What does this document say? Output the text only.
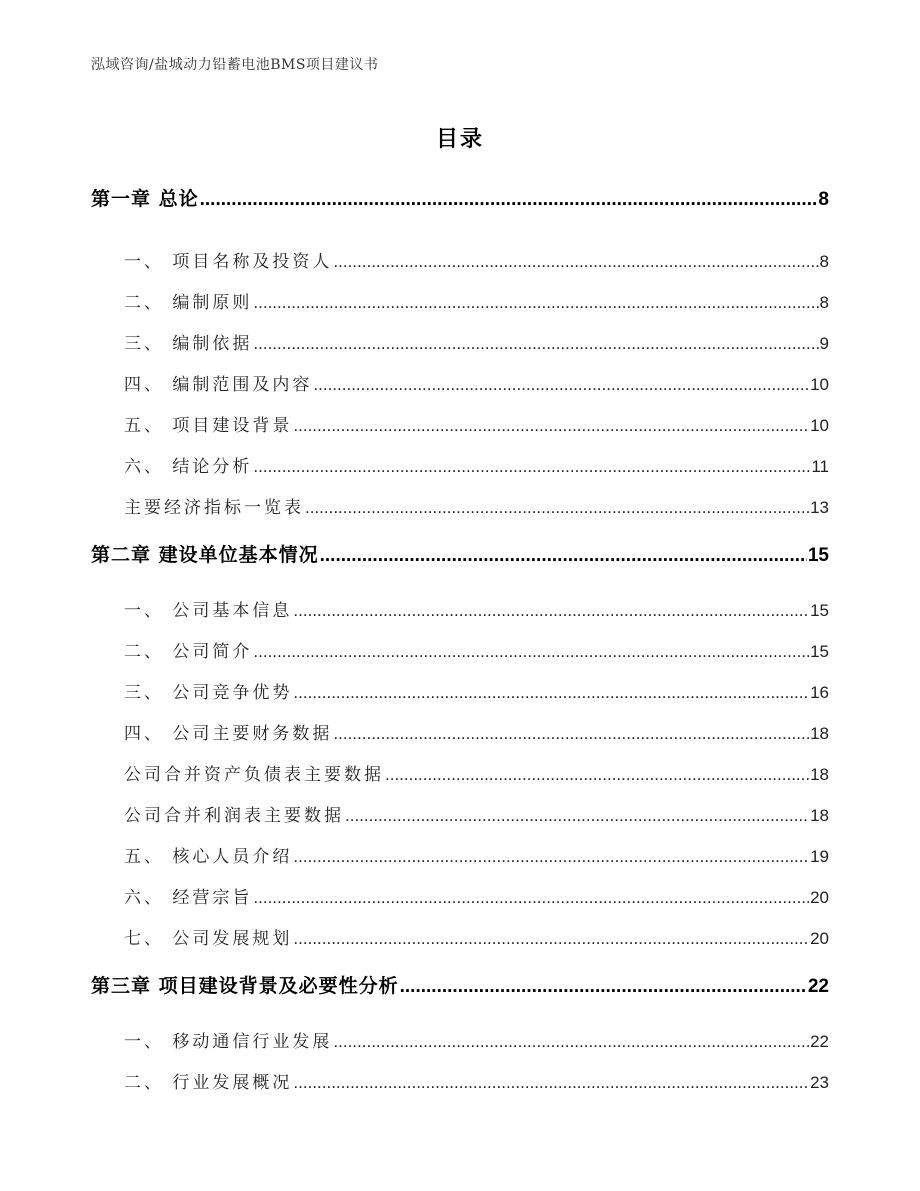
泓域咨询/盐城动力铅蓄电池BMS项目建议书
目录
第一章 总论 .....	8
一、 项目名称及投资人 .....	8
二、 编制原则 .....	8
三、 编制依据 .....	9
四、 编制范围及内容 .....	10
五、 项目建设背景 .....	10
六、 结论分析 .....	11
主要经济指标一览表 .....	13
第二章 建设单位基本情况 .....	15
一、 公司基本信息 .....	15
二、 公司简介 .....	15
三、 公司竞争优势 .....	16
四、 公司主要财务数据 .....	18
公司合并资产负债表主要数据 .....	18
公司合并利润表主要数据 .....	18
五、 核心人员介绍 .....	19
六、 经营宗旨 .....	20
七、 公司发展规划 .....	20
第三章 项目建设背景及必要性分析 .....	22
一、 移动通信行业发展 .....	22
二、 行业发展概况 .....	23
